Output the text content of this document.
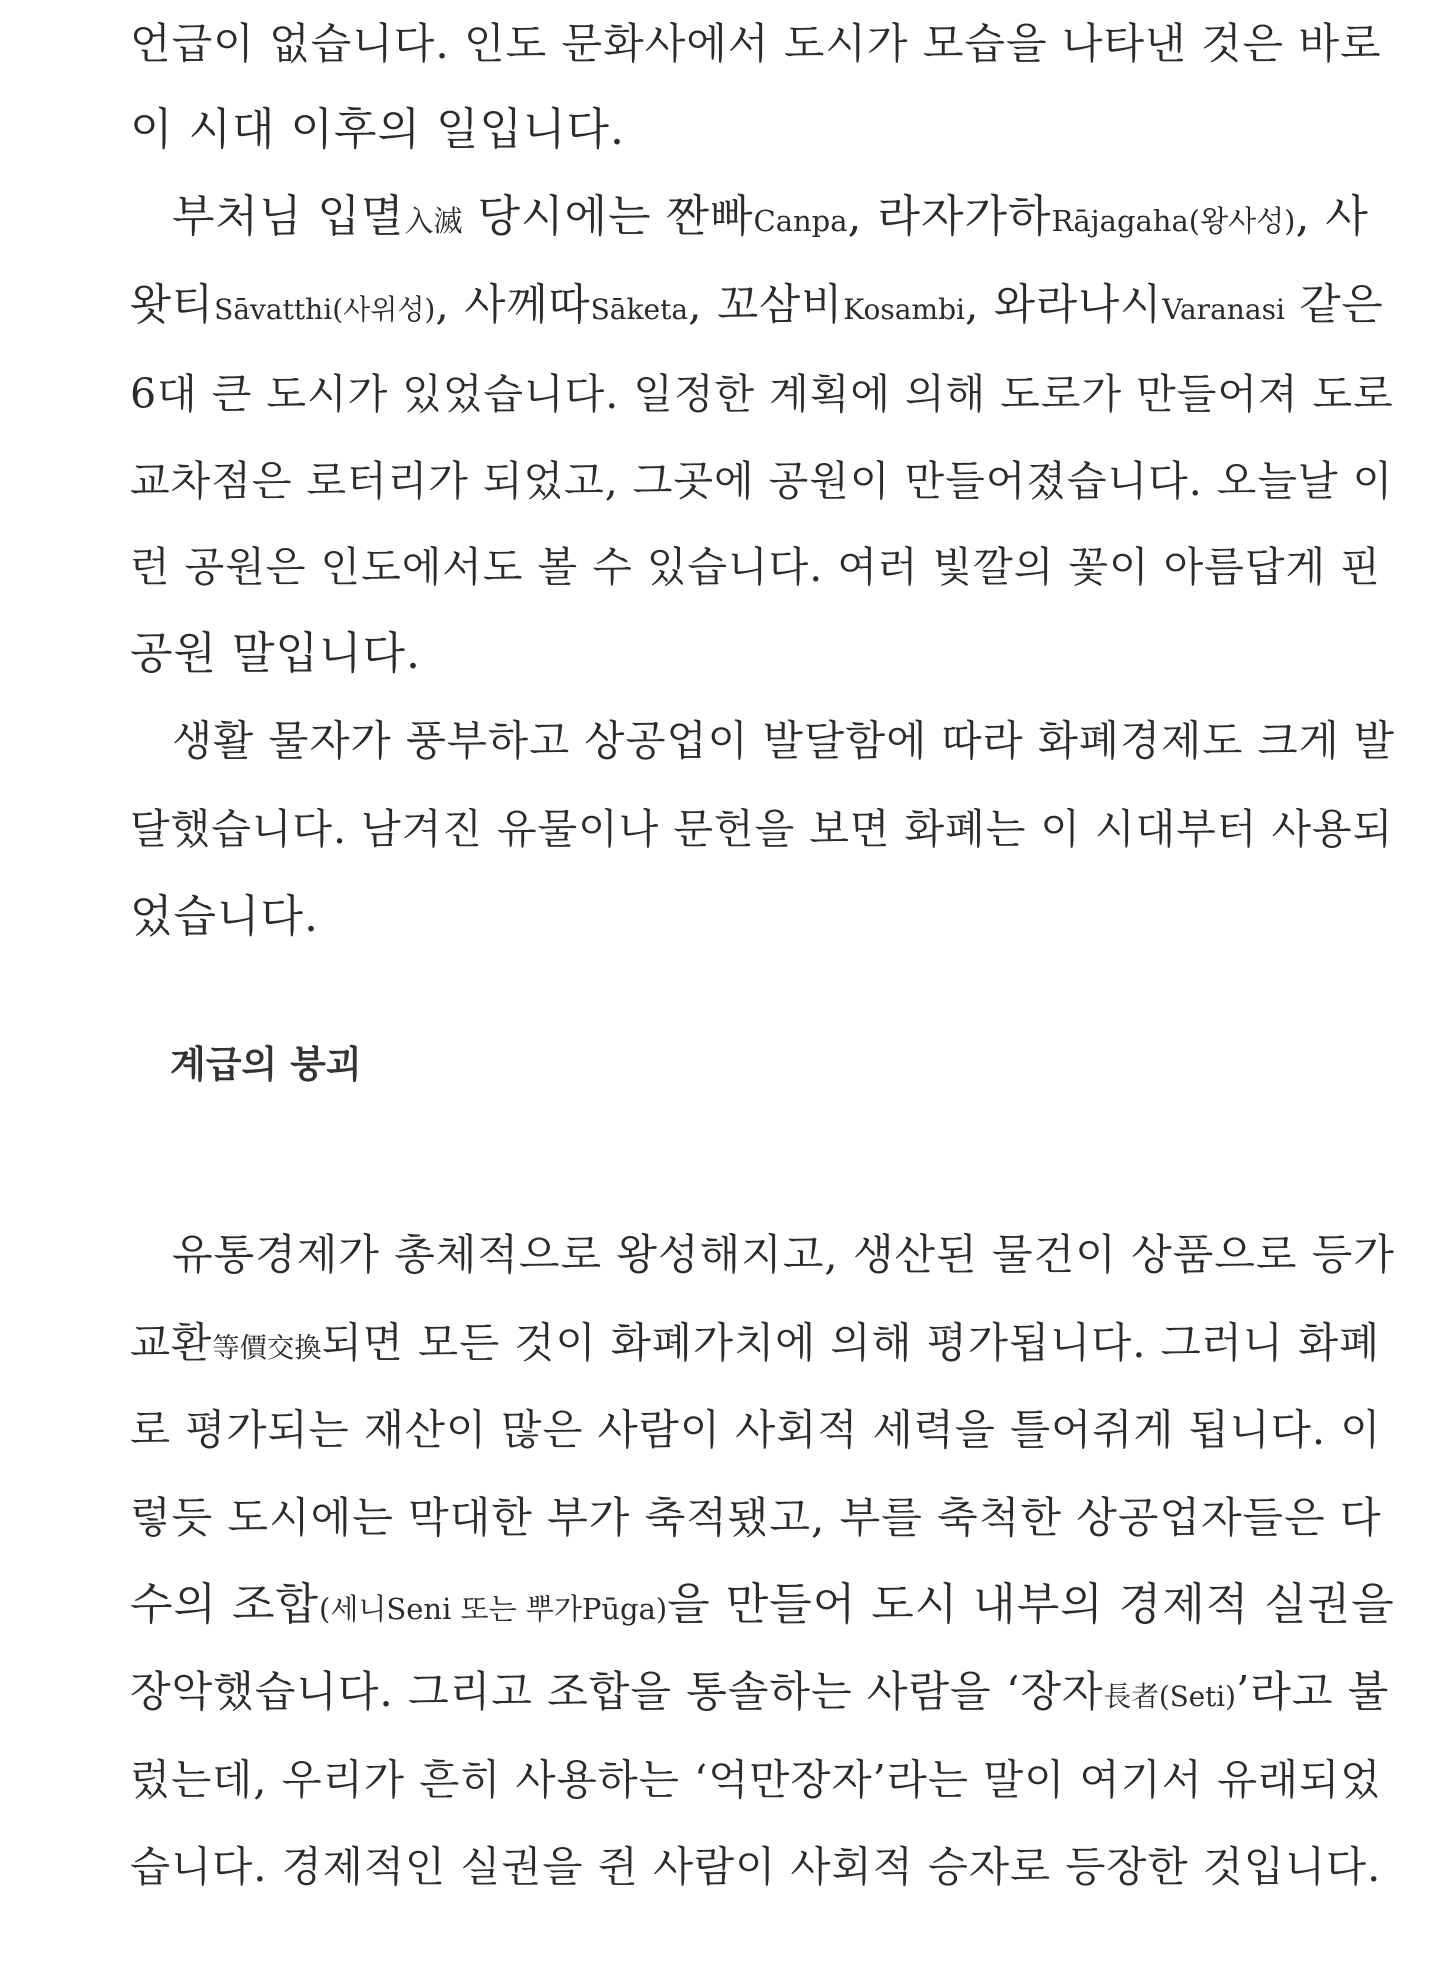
언급이 없습니다. 인도 문화사에서 도시가 모습을 나타낸 것은 바로
이 시대 이후의 일입니다.
부처님 입멸入滅 당시에는 짠빠Canpa, 라자가하Rājagaha(왕사성), 사
왓티Sāvatthi(사위성), 사께따Sāketa, 꼬삼비Kosambi, 와라나시Varanasi 같은
6대 큰 도시가 있었습니다. 일정한 계획에 의해 도로가 만들어져 도로
교차점은 로터리가 되었고, 그곳에 공원이 만들어졌습니다. 오늘날 이
런 공원은 인도에서도 볼 수 있습니다. 여러 빛깔의 꽃이 아름답게 핀
공원 말입니다.
생활 물자가 풍부하고 상공업이 발달함에 따라 화폐경제도 크게 발
달했습니다. 남겨진 유물이나 문헌을 보면 화폐는 이 시대부터 사용되
었습니다.
계급의 붕괴
유통경제가 총체적으로 왕성해지고, 생산된 물건이 상품으로 등가
교환等價交換되면 모든 것이 화폐가치에 의해 평가됩니다. 그러니 화폐
로 평가되는 재산이 많은 사람이 사회적 세력을 틀어쥐게 됩니다. 이
렇듯 도시에는 막대한 부가 축적됐고, 부를 축척한 상공업자들은 다
수의 조합(세니Seni 또는 뿌가Pūga)을 만들어 도시 내부의 경제적 실권을
장악했습니다. 그리고 조합을 통솔하는 사람을 ‘장자長者(Seti)’라고 불
렀는데, 우리가 흔히 사용하는 ‘억만장자’라는 말이 여기서 유래되었
습니다. 경제적인 실권을 쥔 사람이 사회적 승자로 등장한 것입니다.
